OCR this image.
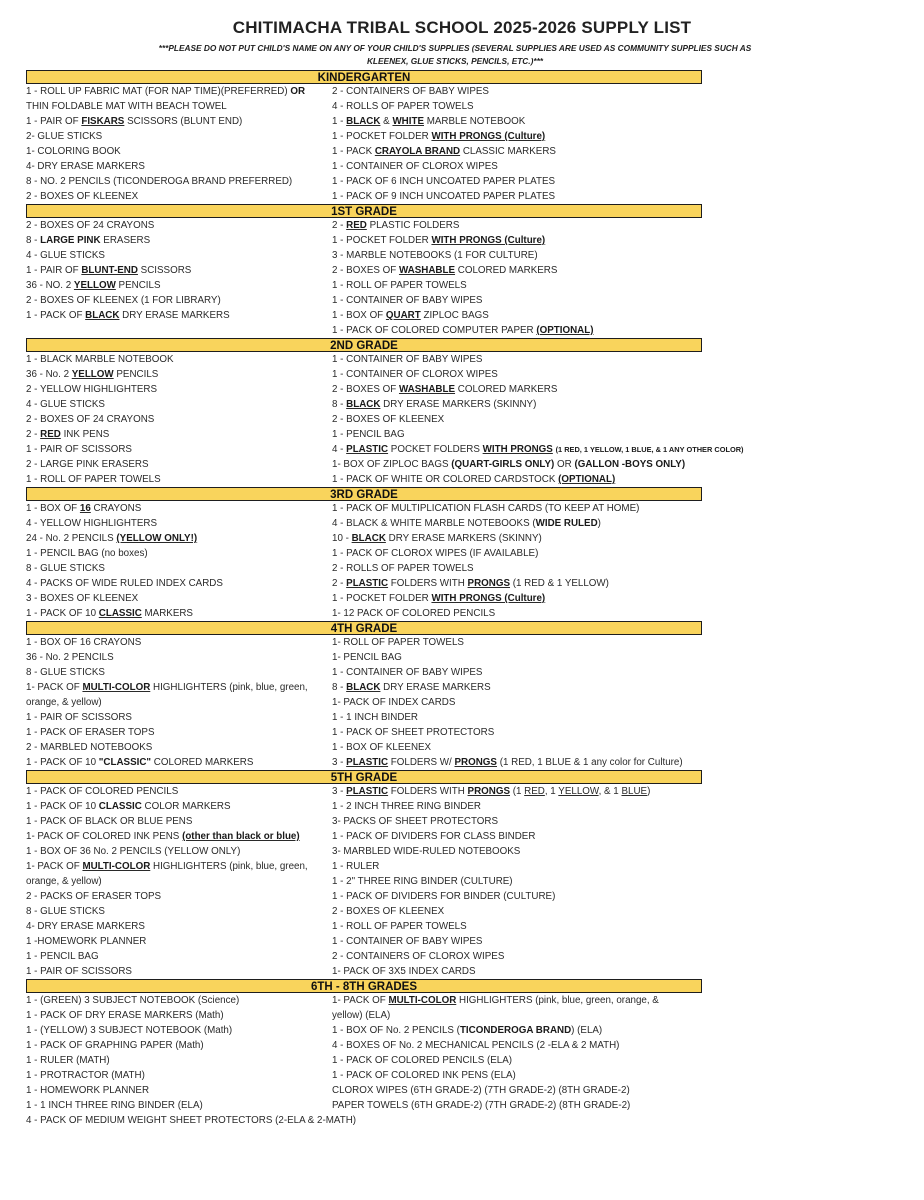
CHITIMACHA TRIBAL SCHOOL 2025-2026 SUPPLY LIST
***PLEASE DO NOT PUT CHILD'S NAME ON ANY OF YOUR CHILD'S SUPPLIES (SEVERAL SUPPLIES ARE USED AS COMMUNITY SUPPLIES SUCH AS
KLEENEX, GLUE STICKS, PENCILS, ETC.)***
KINDERGARTEN
1 - ROLL UP FABRIC MAT (FOR NAP TIME)(PREFERRED) OR
THIN FOLDABLE MAT WITH BEACH TOWEL
1 - PAIR OF FISKARS SCISSORS (BLUNT END)
2- GLUE STICKS
1- COLORING BOOK
4- DRY ERASE MARKERS
8 - NO. 2 PENCILS (TICONDEROGA BRAND PREFERRED)
2 - BOXES OF KLEENEX
2 - CONTAINERS OF BABY WIPES
4 - ROLLS OF PAPER TOWELS
1 - BLACK & WHITE MARBLE NOTEBOOK
1 - POCKET FOLDER WITH PRONGS (Culture)
1 - PACK CRAYOLA BRAND CLASSIC MARKERS
1 - CONTAINER OF CLOROX WIPES
1 - PACK OF 6 INCH UNCOATED PAPER PLATES
1 - PACK OF 9 INCH UNCOATED PAPER PLATES
1ST GRADE
2 - BOXES OF 24 CRAYONS
8 - LARGE PINK ERASERS
4 - GLUE STICKS
1 - PAIR OF BLUNT-END SCISSORS
36 - NO. 2 YELLOW PENCILS
2 - BOXES OF KLEENEX (1 FOR LIBRARY)
1 - PACK OF BLACK DRY ERASE MARKERS
2 - RED PLASTIC FOLDERS
1 - POCKET FOLDER WITH PRONGS (Culture)
3 - MARBLE NOTEBOOKS (1 FOR CULTURE)
2 - BOXES OF WASHABLE COLORED MARKERS
1 - ROLL OF PAPER TOWELS
1 - CONTAINER OF BABY WIPES
1 - BOX OF QUART ZIPLOC BAGS
1 - PACK OF COLORED COMPUTER PAPER (OPTIONAL)
2ND GRADE
1 - BLACK MARBLE NOTEBOOK
36 - No. 2 YELLOW PENCILS
2 - YELLOW HIGHLIGHTERS
4 - GLUE STICKS
2 - BOXES OF 24 CRAYONS
2 - RED INK PENS
1 - PAIR OF SCISSORS
2 - LARGE PINK ERASERS
1 - ROLL OF PAPER TOWELS
1 - CONTAINER OF BABY WIPES
1 - CONTAINER OF CLOROX WIPES
2 - BOXES OF WASHABLE COLORED MARKERS
8 - BLACK DRY ERASE MARKERS (SKINNY)
2 - BOXES OF KLEENEX
1 - PENCIL BAG
4 - PLASTIC POCKET FOLDERS WITH PRONGS (1 RED, 1 YELLOW, 1 BLUE, & 1 ANY OTHER COLOR)
1- BOX OF ZIPLOC BAGS (QUART-GIRLS ONLY) OR (GALLON -BOYS ONLY)
1 - PACK OF WHITE OR COLORED CARDSTOCK (OPTIONAL)
3RD GRADE
1 - BOX OF 16 CRAYONS
4 - YELLOW HIGHLIGHTERS
24 - No. 2 PENCILS (YELLOW ONLY!)
1 - PENCIL BAG (no boxes)
8 - GLUE STICKS
4 - PACKS OF WIDE RULED INDEX CARDS
3 - BOXES OF KLEENEX
1 - PACK OF 10 CLASSIC MARKERS
1 - PACK OF MULTIPLICATION FLASH CARDS (TO KEEP AT HOME)
4 - BLACK & WHITE MARBLE NOTEBOOKS (WIDE RULED)
10 - BLACK DRY ERASE MARKERS (SKINNY)
1 - PACK OF CLOROX WIPES (IF AVAILABLE)
2 - ROLLS OF PAPER TOWELS
2 - PLASTIC FOLDERS WITH PRONGS (1 RED & 1 YELLOW)
1 - POCKET FOLDER WITH PRONGS (Culture)
1- 12 PACK OF COLORED PENCILS
4TH GRADE
1 - BOX OF 16 CRAYONS
36 - No. 2 PENCILS
8 - GLUE STICKS
1- PACK OF MULTI-COLOR HIGHLIGHTERS (pink, blue, green,
orange, & yellow)
1 - PAIR OF SCISSORS
1 - PACK OF ERASER TOPS
2 - MARBLED NOTEBOOKS
1 - PACK OF 10 "CLASSIC" COLORED MARKERS
1- ROLL OF PAPER TOWELS
1- PENCIL BAG
1 - CONTAINER OF BABY WIPES
8 - BLACK DRY ERASE MARKERS
1- PACK OF INDEX CARDS
1 - 1 INCH BINDER
1 - PACK OF SHEET PROTECTORS
1 - BOX OF KLEENEX
3 - PLASTIC FOLDERS W/ PRONGS (1 RED, 1 BLUE & 1 any color for Culture)
5TH GRADE
1 - PACK OF COLORED PENCILS
1 - PACK OF 10 CLASSIC COLOR MARKERS
1 - PACK OF BLACK OR BLUE PENS
1- PACK OF COLORED INK PENS (other than black or blue)
1 - BOX OF 36 No. 2 PENCILS (YELLOW ONLY)
1- PACK OF MULTI-COLOR HIGHLIGHTERS (pink, blue, green,
orange, & yellow)
2 - PACKS OF ERASER TOPS
8 - GLUE STICKS
4- DRY ERASE MARKERS
1 -HOMEWORK PLANNER
1 - PENCIL BAG
1 - PAIR OF SCISSORS
3 - PLASTIC FOLDERS WITH PRONGS (1 RED, 1 YELLOW, & 1 BLUE)
1 - 2 INCH THREE RING BINDER
3- PACKS OF SHEET PROTECTORS
1 - PACK OF DIVIDERS FOR CLASS BINDER
3- MARBLED WIDE-RULED NOTEBOOKS
1 - RULER
1 - 2" THREE RING BINDER (CULTURE)
1 - PACK OF DIVIDERS FOR BINDER (CULTURE)
2 - BOXES OF KLEENEX
1 - ROLL OF PAPER TOWELS
1 - CONTAINER OF BABY WIPES
2 - CONTAINERS OF CLOROX WIPES
1- PACK OF 3X5 INDEX CARDS
6TH - 8TH GRADES
1 - (GREEN) 3 SUBJECT NOTEBOOK (Science)
1 - PACK OF DRY ERASE MARKERS (Math)
1 - (YELLOW) 3 SUBJECT NOTEBOOK (Math)
1 - PACK OF GRAPHING PAPER (Math)
1 - RULER (MATH)
1 - PROTRACTOR (MATH)
1 - HOMEWORK PLANNER
1 - 1 INCH THREE RING BINDER (ELA)
4 - PACK OF MEDIUM WEIGHT SHEET PROTECTORS (2-ELA & 2-MATH)
1- PACK OF MULTI-COLOR HIGHLIGHTERS (pink, blue, green, orange, &
yellow) (ELA)
1 - BOX OF No. 2 PENCILS (TICONDEROGA BRAND) (ELA)
4 - BOXES OF No. 2 MECHANICAL PENCILS (2 -ELA & 2 MATH)
1 - PACK OF COLORED PENCILS (ELA)
1 - PACK OF COLORED INK PENS (ELA)
CLOROX WIPES (6TH GRADE-2) (7TH GRADE-2) (8TH GRADE-2)
PAPER TOWELS (6TH GRADE-2) (7TH GRADE-2) (8TH GRADE-2)
